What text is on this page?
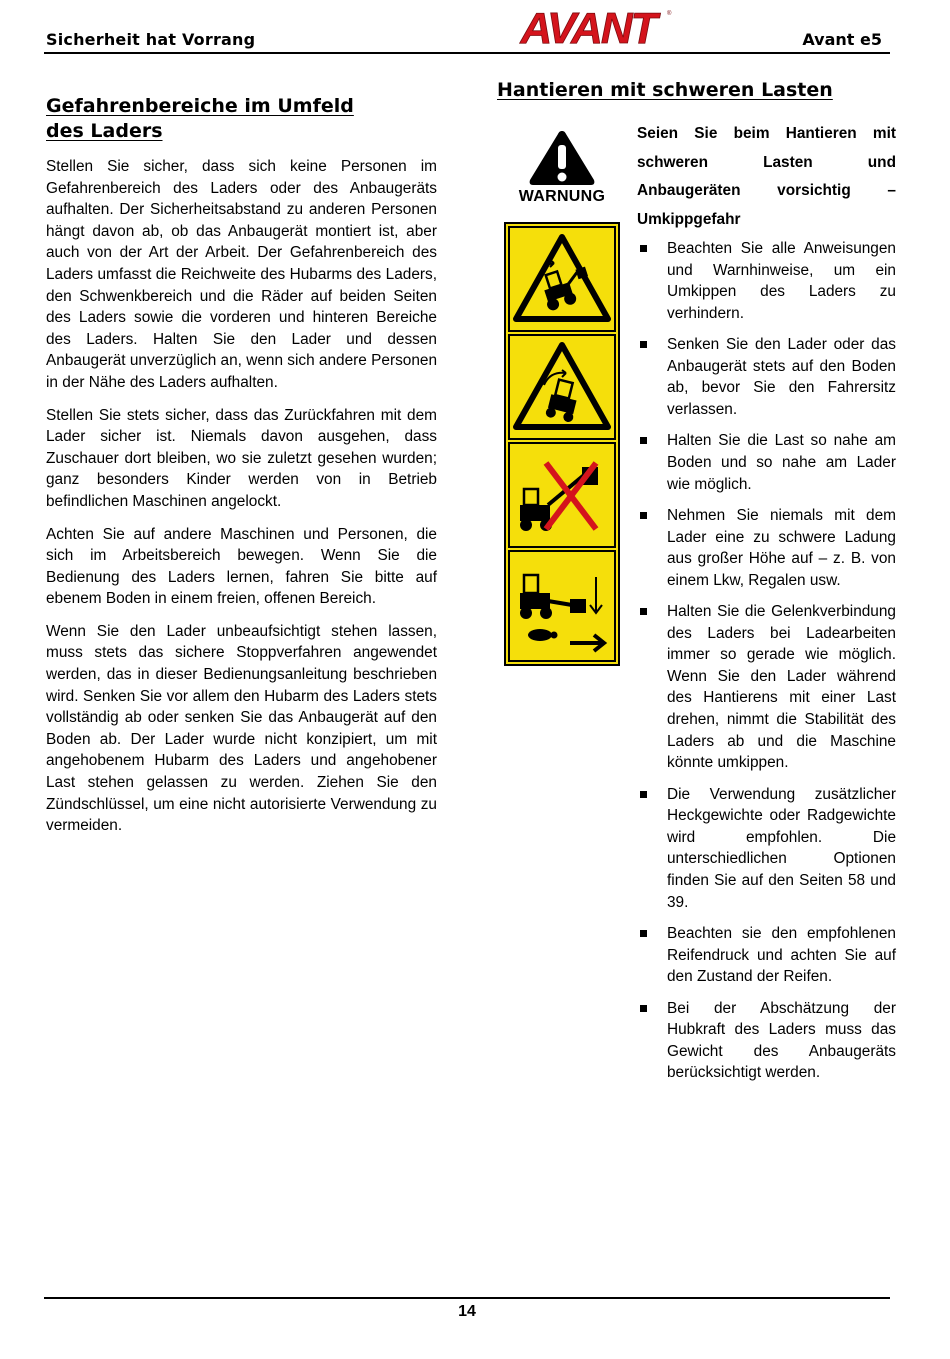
Sicherheit hat Vorrang	AVANT	®
Avant e5
Gefahrenbereiche im Umfeld des Laders

Stellen Sie sicher, dass sich keine Personen im Gefahrenbereich des Laders oder des Anbaugeräts aufhalten. Der Sicherheitsabstand zu anderen Personen hängt davon ab, ob das Anbaugerät montiert ist, aber auch von der Art der Arbeit. Der Gefahrenbereich des Laders umfasst die Reichweite des Hubarms des Laders, den Schwenkbereich und die Räder auf beiden Seiten des Laders sowie die vorderen und hinteren Bereiche des Laders. Halten Sie den Lader und dessen Anbaugerät unverzüglich an, wenn sich andere Personen in der Nähe des Laders aufhalten.

Stellen Sie stets sicher, dass das Zurückfahren mit dem Lader sicher ist. Niemals davon ausgehen, dass Zuschauer dort bleiben, wo sie zuletzt gesehen wurden; ganz besonders Kinder werden von in Betrieb befindlichen Maschinen angelockt.

Achten Sie auf andere Maschinen und Personen, die sich im Arbeitsbereich bewegen. Wenn Sie die Bedienung des Laders lernen, fahren Sie bitte auf ebenem Boden in einem freien, offenen Bereich.

Wenn Sie den Lader unbeaufsichtigt stehen lassen, muss stets das sichere Stoppverfahren angewendet werden, das in dieser Bedienungsanleitung beschrieben wird. Senken Sie vor allem den Hubarm des Laders stets vollständig ab oder senken Sie das Anbaugerät auf den Boden ab. Der Lader wurde nicht konzipiert, um mit angehobenem Hubarm des Laders und angehobener Last stehen gelassen zu werden. Ziehen Sie den Zündschlüssel, um eine nicht autorisierte Verwendung zu vermeiden.

Hantieren mit schweren Lasten
WARNUNG

Seien Sie beim Hantieren mit schweren Lasten und Anbaugeräten vorsichtig – Umkippgefahr

Beachten Sie alle Anweisungen und Warnhinweise, um ein Umkippen des Laders zu verhindern.
Senken Sie den Lader oder das Anbaugerät stets auf den Boden ab, bevor Sie den Fahrersitz verlassen.
Halten Sie die Last so nahe am Boden und so nahe am Lader wie möglich.
Nehmen Sie niemals mit dem Lader eine zu schwere Ladung aus großer Höhe auf – z. B. von einem Lkw, Regalen usw.
Halten Sie die Gelenkverbindung des Laders bei Ladearbeiten immer so gerade wie möglich. Wenn Sie den Lader während des Hantierens mit einer Last drehen, nimmt die Stabilität des Laders ab und die Maschine könnte umkippen.
Die Verwendung zusätzlicher Heckgewichte oder Radgewichte wird empfohlen. Die unterschiedlichen Optionen finden Sie auf den Seiten 58 und 39.
Beachten sie den empfohlenen Reifendruck und achten Sie auf den Zustand der Reifen.
Bei der Abschätzung der Hubkraft des Laders muss das Gewicht des Anbaugeräts berücksichtigt werden.
14
